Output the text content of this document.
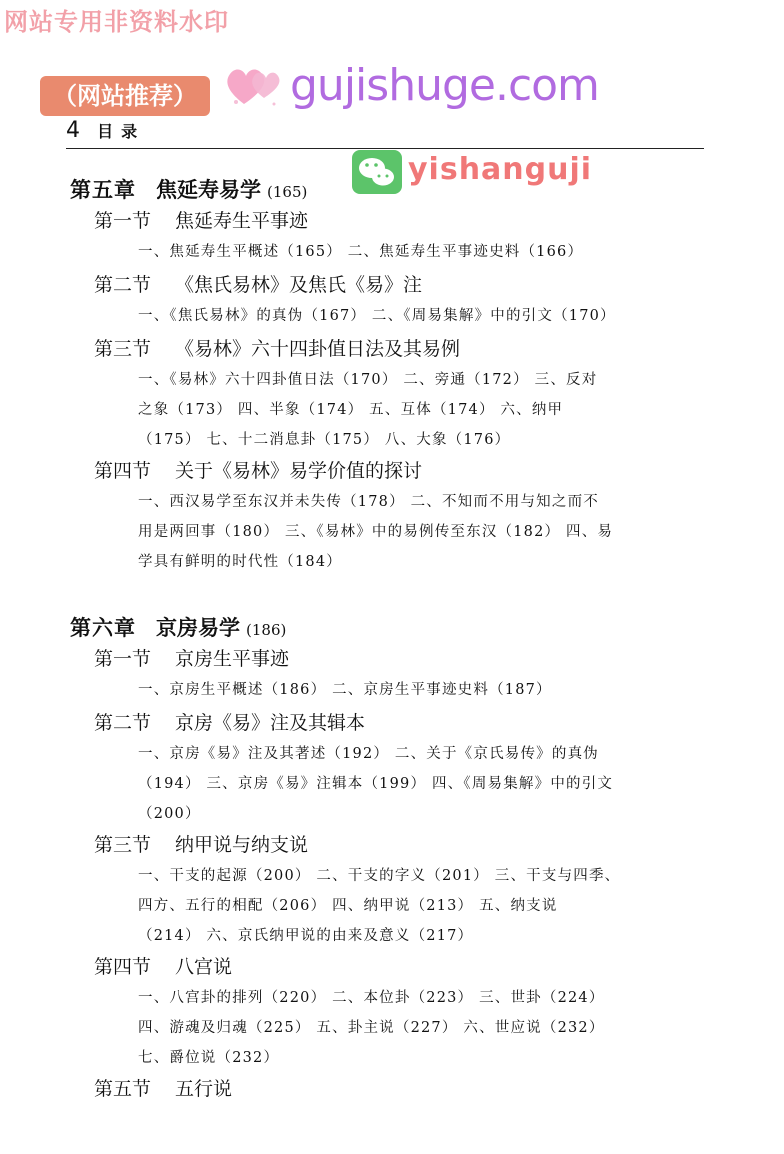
网站专用非资料水印
（网站推荐） gujishuge.com
yishanguji
4 目录
第五章 焦延寿易学 (165)
第一节 焦延寿生平事迹
一、焦延寿生平概述（165） 二、焦延寿生平事迹史料（166）
第二节 《焦氏易林》及焦氏《易》注
一、《焦氏易林》的真伪（167） 二、《周易集解》中的引文（170）
第三节 《易林》六十四卦值日法及其易例
一、《易林》六十四卦值日法（170） 二、旁通（172） 三、反对
之象（173） 四、半象（174） 五、互体（174） 六、纳甲
（175） 七、十二消息卦（175） 八、大象（176）
第四节 关于《易林》易学价值的探讨
一、西汉易学至东汉并未失传（178） 二、不知而不用与知之而不
用是两回事（180） 三、《易林》中的易例传至东汉（182） 四、易
学具有鲜明的时代性（184）
第六章 京房易学 (186)
第一节 京房生平事迹
一、京房生平概述（186） 二、京房生平事迹史料（187）
第二节 京房《易》注及其辑本
一、京房《易》注及其著述（192） 二、关于《京氏易传》的真伪
（194） 三、京房《易》注辑本（199） 四、《周易集解》中的引文
（200）
第三节 纳甲说与纳支说
一、干支的起源（200） 二、干支的字义（201） 三、干支与四季、
四方、五行的相配（206） 四、纳甲说（213） 五、纳支说
（214） 六、京氏纳甲说的由来及意义（217）
第四节 八宫说
一、八宫卦的排列（220） 二、本位卦（223） 三、世卦（224）
四、游魂及归魂（225） 五、卦主说（227） 六、世应说（232）
七、爵位说（232）
第五节 五行说
